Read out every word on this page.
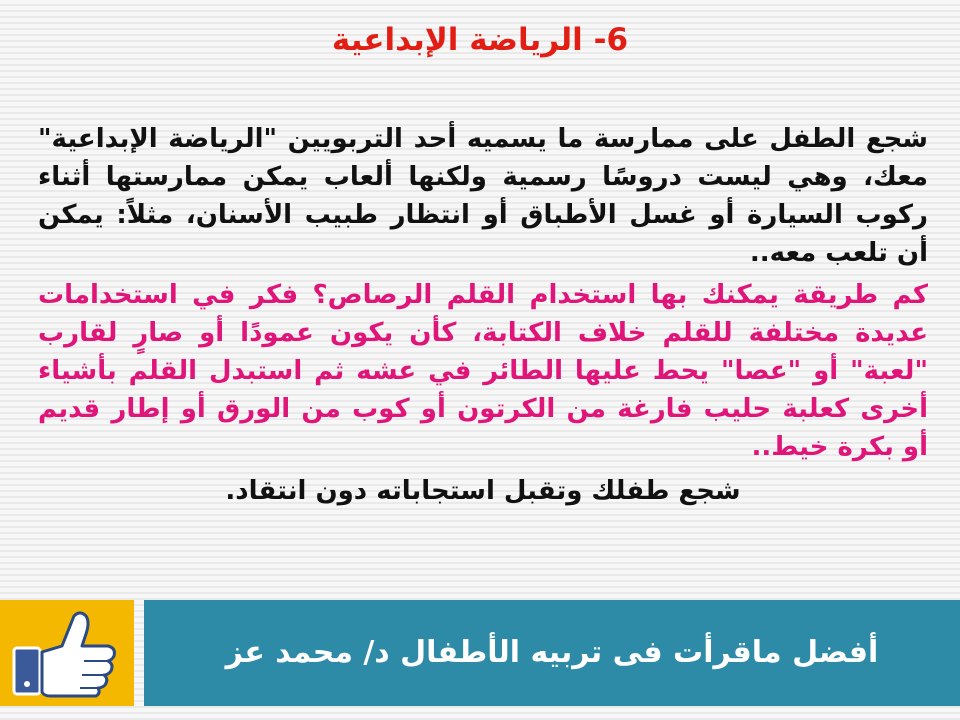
6- الرياضة الإبداعية

شجع الطفل على ممارسة ما يسميه أحد التربويين "الرياضة الإبداعية" معك، وهي ليست دروسًا رسمية ولكنها ألعاب يمكن ممارستها أثناء ركوب السيارة أو غسل الأطباق أو انتظار طبيب الأسنان، مثلاً: يمكن أن تلعب معه..

كم طريقة يمكنك بها استخدام القلم الرصاص؟ فكر في استخدامات عديدة مختلفة للقلم خلاف الكتابة، كأن يكون عمودًا أو صارٍ لقارب "لعبة" أو "عصا" يحط عليها الطائر في عشه ثم استبدل القلم بأشياء أخرى كعلبة حليب فارغة من الكرتون أو كوب من الورق أو إطار قديم أو بكرة خيط..

شجع طفلك وتقبل استجاباته دون انتقاد.

أفضل ماقرأت فى تربيه الأطفال د/ محمد عز
